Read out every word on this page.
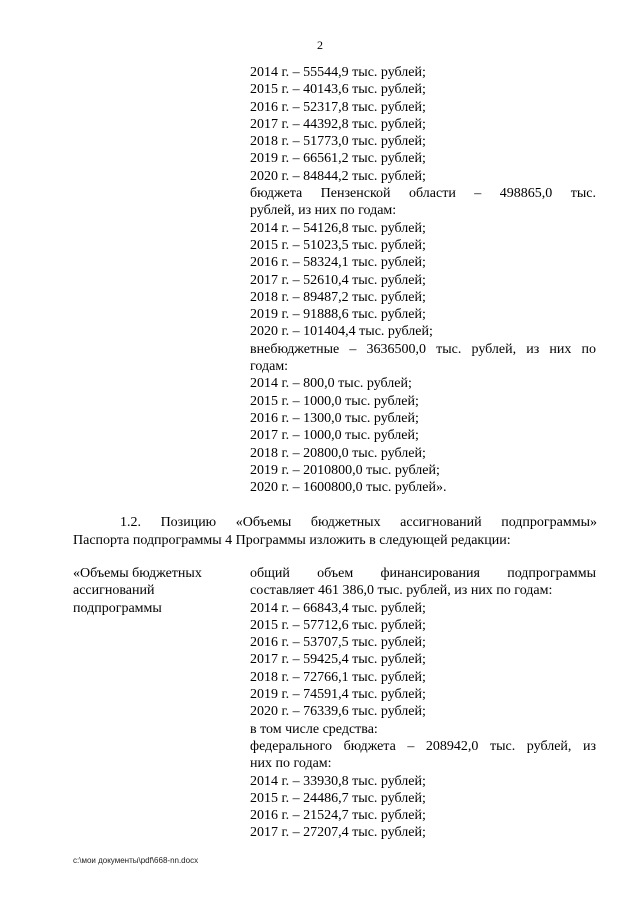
2
2014 г. – 55544,9 тыс. рублей;
2015 г. – 40143,6 тыс. рублей;
2016 г. – 52317,8 тыс. рублей;
2017 г. – 44392,8 тыс. рублей;
2018 г. – 51773,0 тыс. рублей;
2019 г. – 66561,2 тыс. рублей;
2020 г. – 84844,2 тыс. рублей;
бюджета Пензенской области – 498865,0 тыс.
рублей, из них по годам:
2014 г. – 54126,8 тыс. рублей;
2015 г. – 51023,5 тыс. рублей;
2016 г. – 58324,1 тыс. рублей;
2017 г. – 52610,4 тыс. рублей;
2018 г. – 89487,2 тыс. рублей;
2019 г. – 91888,6 тыс. рублей;
2020 г. – 101404,4 тыс. рублей;
внебюджетные – 3636500,0 тыс. рублей, из них по
годам:
2014 г. – 800,0 тыс. рублей;
2015 г. – 1000,0 тыс. рублей;
2016 г. – 1300,0 тыс. рублей;
2017 г. – 1000,0 тыс. рублей;
2018 г. – 20800,0 тыс. рублей;
2019 г. – 2010800,0 тыс. рублей;
2020 г. – 1600800,0 тыс. рублей».
1.2. Позицию «Объемы бюджетных ассигнований подпрограммы»
Паспорта подпрограммы 4 Программы изложить в следующей редакции:
«Объемы бюджетных
ассигнований
подпрограммы
общий объем финансирования подпрограммы
составляет 461 386,0 тыс. рублей, из них по годам:
2014 г. – 66843,4 тыс. рублей;
2015 г. – 57712,6 тыс. рублей;
2016 г. – 53707,5 тыс. рублей;
2017 г. – 59425,4 тыс. рублей;
2018 г. – 72766,1 тыс. рублей;
2019 г. – 74591,4 тыс. рублей;
2020 г. – 76339,6 тыс. рублей;
в том числе средства:
федерального бюджета – 208942,0 тыс. рублей, из
них по годам:
2014 г. – 33930,8 тыс. рублей;
2015 г. – 24486,7 тыс. рублей;
2016 г. – 21524,7 тыс. рублей;
2017 г. – 27207,4 тыс. рублей;
c:\мои документы\pdf\668-nn.docx
